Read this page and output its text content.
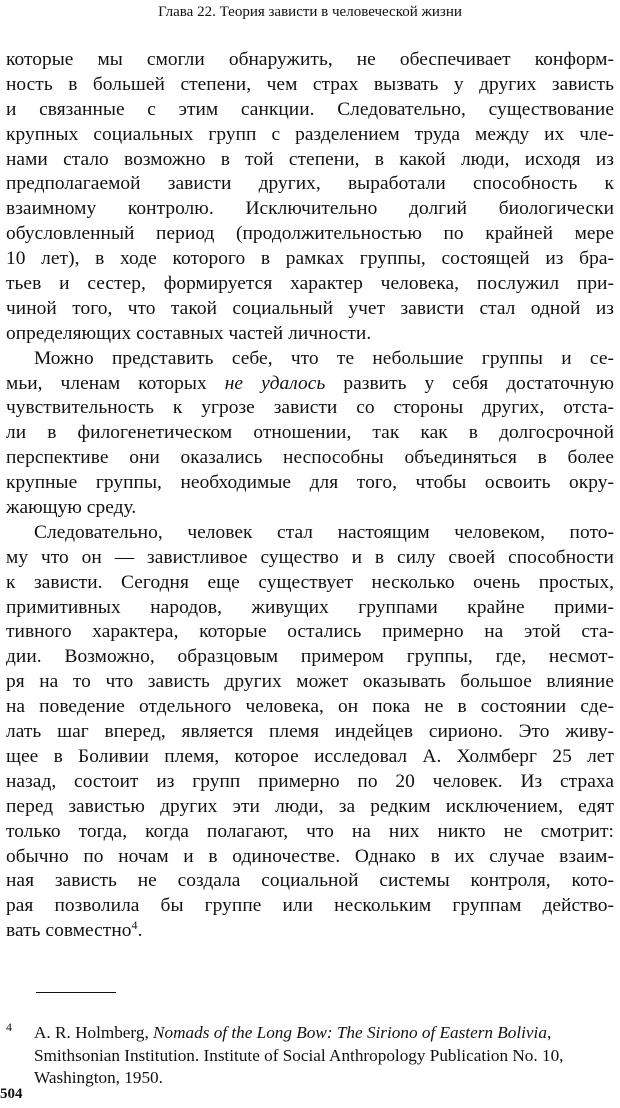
Глава 22. Теория зависти в человеческой жизни
которые мы смогли обнаружить, не обеспечивает конформ-
ность в большей степени, чем страх вызвать у других зависть
и связанные с этим санкции. Следовательно, существование
крупных социальных групп с разделением труда между их чле-
нами стало возможно в той степени, в какой люди, исходя из
предполагаемой зависти других, выработали способность к
взаимному контролю. Исключительно долгий биологически
обусловленный период (продолжительностью по крайней мере
10 лет), в ходе которого в рамках группы, состоящей из бра-
тьев и сестер, формируется характер человека, послужил при-
чиной того, что такой социальный учет зависти стал одной из
определяющих составных частей личности.
Можно представить себе, что те небольшие группы и се-
мьи, членам которых не удалось развить у себя достаточную
чувствительность к угрозе зависти со стороны других, отста-
ли в филогенетическом отношении, так как в долгосрочной
перспективе они оказались неспособны объединяться в более
крупные группы, необходимые для того, чтобы освоить окру-
жающую среду.
Следовательно, человек стал настоящим человеком, пото-
му что он — завистливое существо и в силу своей способности
к зависти. Сегодня еще существует несколько очень простых,
примитивных народов, живущих группами крайне прими-
тивного характера, которые остались примерно на этой ста-
дии. Возможно, образцовым примером группы, где, несмот-
ря на то что зависть других может оказывать большое влияние
на поведение отдельного человека, он пока не в состоянии сде-
лать шаг вперед, является племя индейцев сирионо. Это живу-
щее в Боливии племя, которое исследовал А. Холмберг 25 лет
назад, состоит из групп примерно по 20 человек. Из страха
перед завистью других эти люди, за редким исключением, едят
только тогда, когда полагают, что на них никто не смотрит:
обычно по ночам и в одиночестве. Однако в их случае взаим-
ная зависть не создала социальной системы контроля, кото-
рая позволила бы группе или нескольким группам действо-
вать совместно$^4$.
4 A. R. Holmberg, Nomads of the Long Bow: The Siriono of Eastern Bolivia, Smithsonian Institution. Institute of Social Anthropology Publication No. 10, Washington, 1950.
504
